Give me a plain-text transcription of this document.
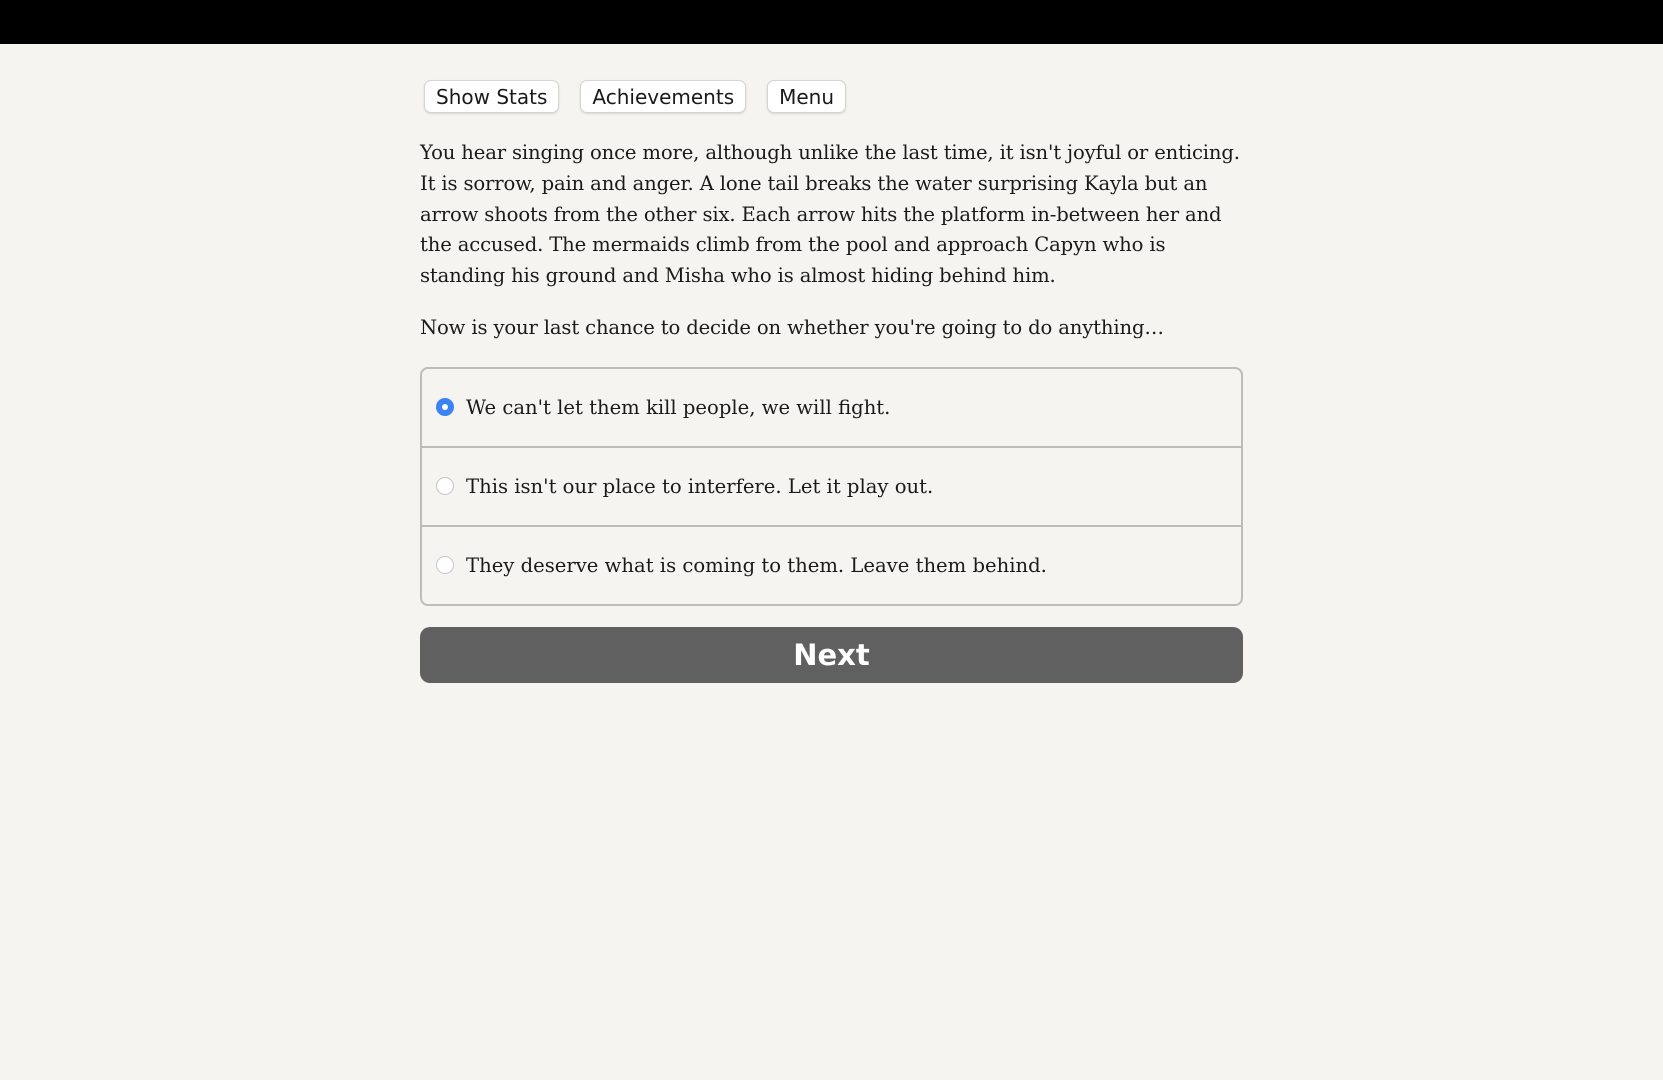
Show Stats	Achievements	Menu

You hear singing once more, although unlike the last time, it isn't joyful or enticing. It is sorrow, pain and anger. A lone tail breaks the water surprising Kayla but an arrow shoots from the other six. Each arrow hits the platform in-between her and the accused. The mermaids climb from the pool and approach Capyn who is standing his ground and Misha who is almost hiding behind him.

Now is your last chance to decide on whether you're going to do anything…

We can't let them kill people, we will fight.
This isn't our place to interfere. Let it play out.
They deserve what is coming to them. Leave them behind.
Next
